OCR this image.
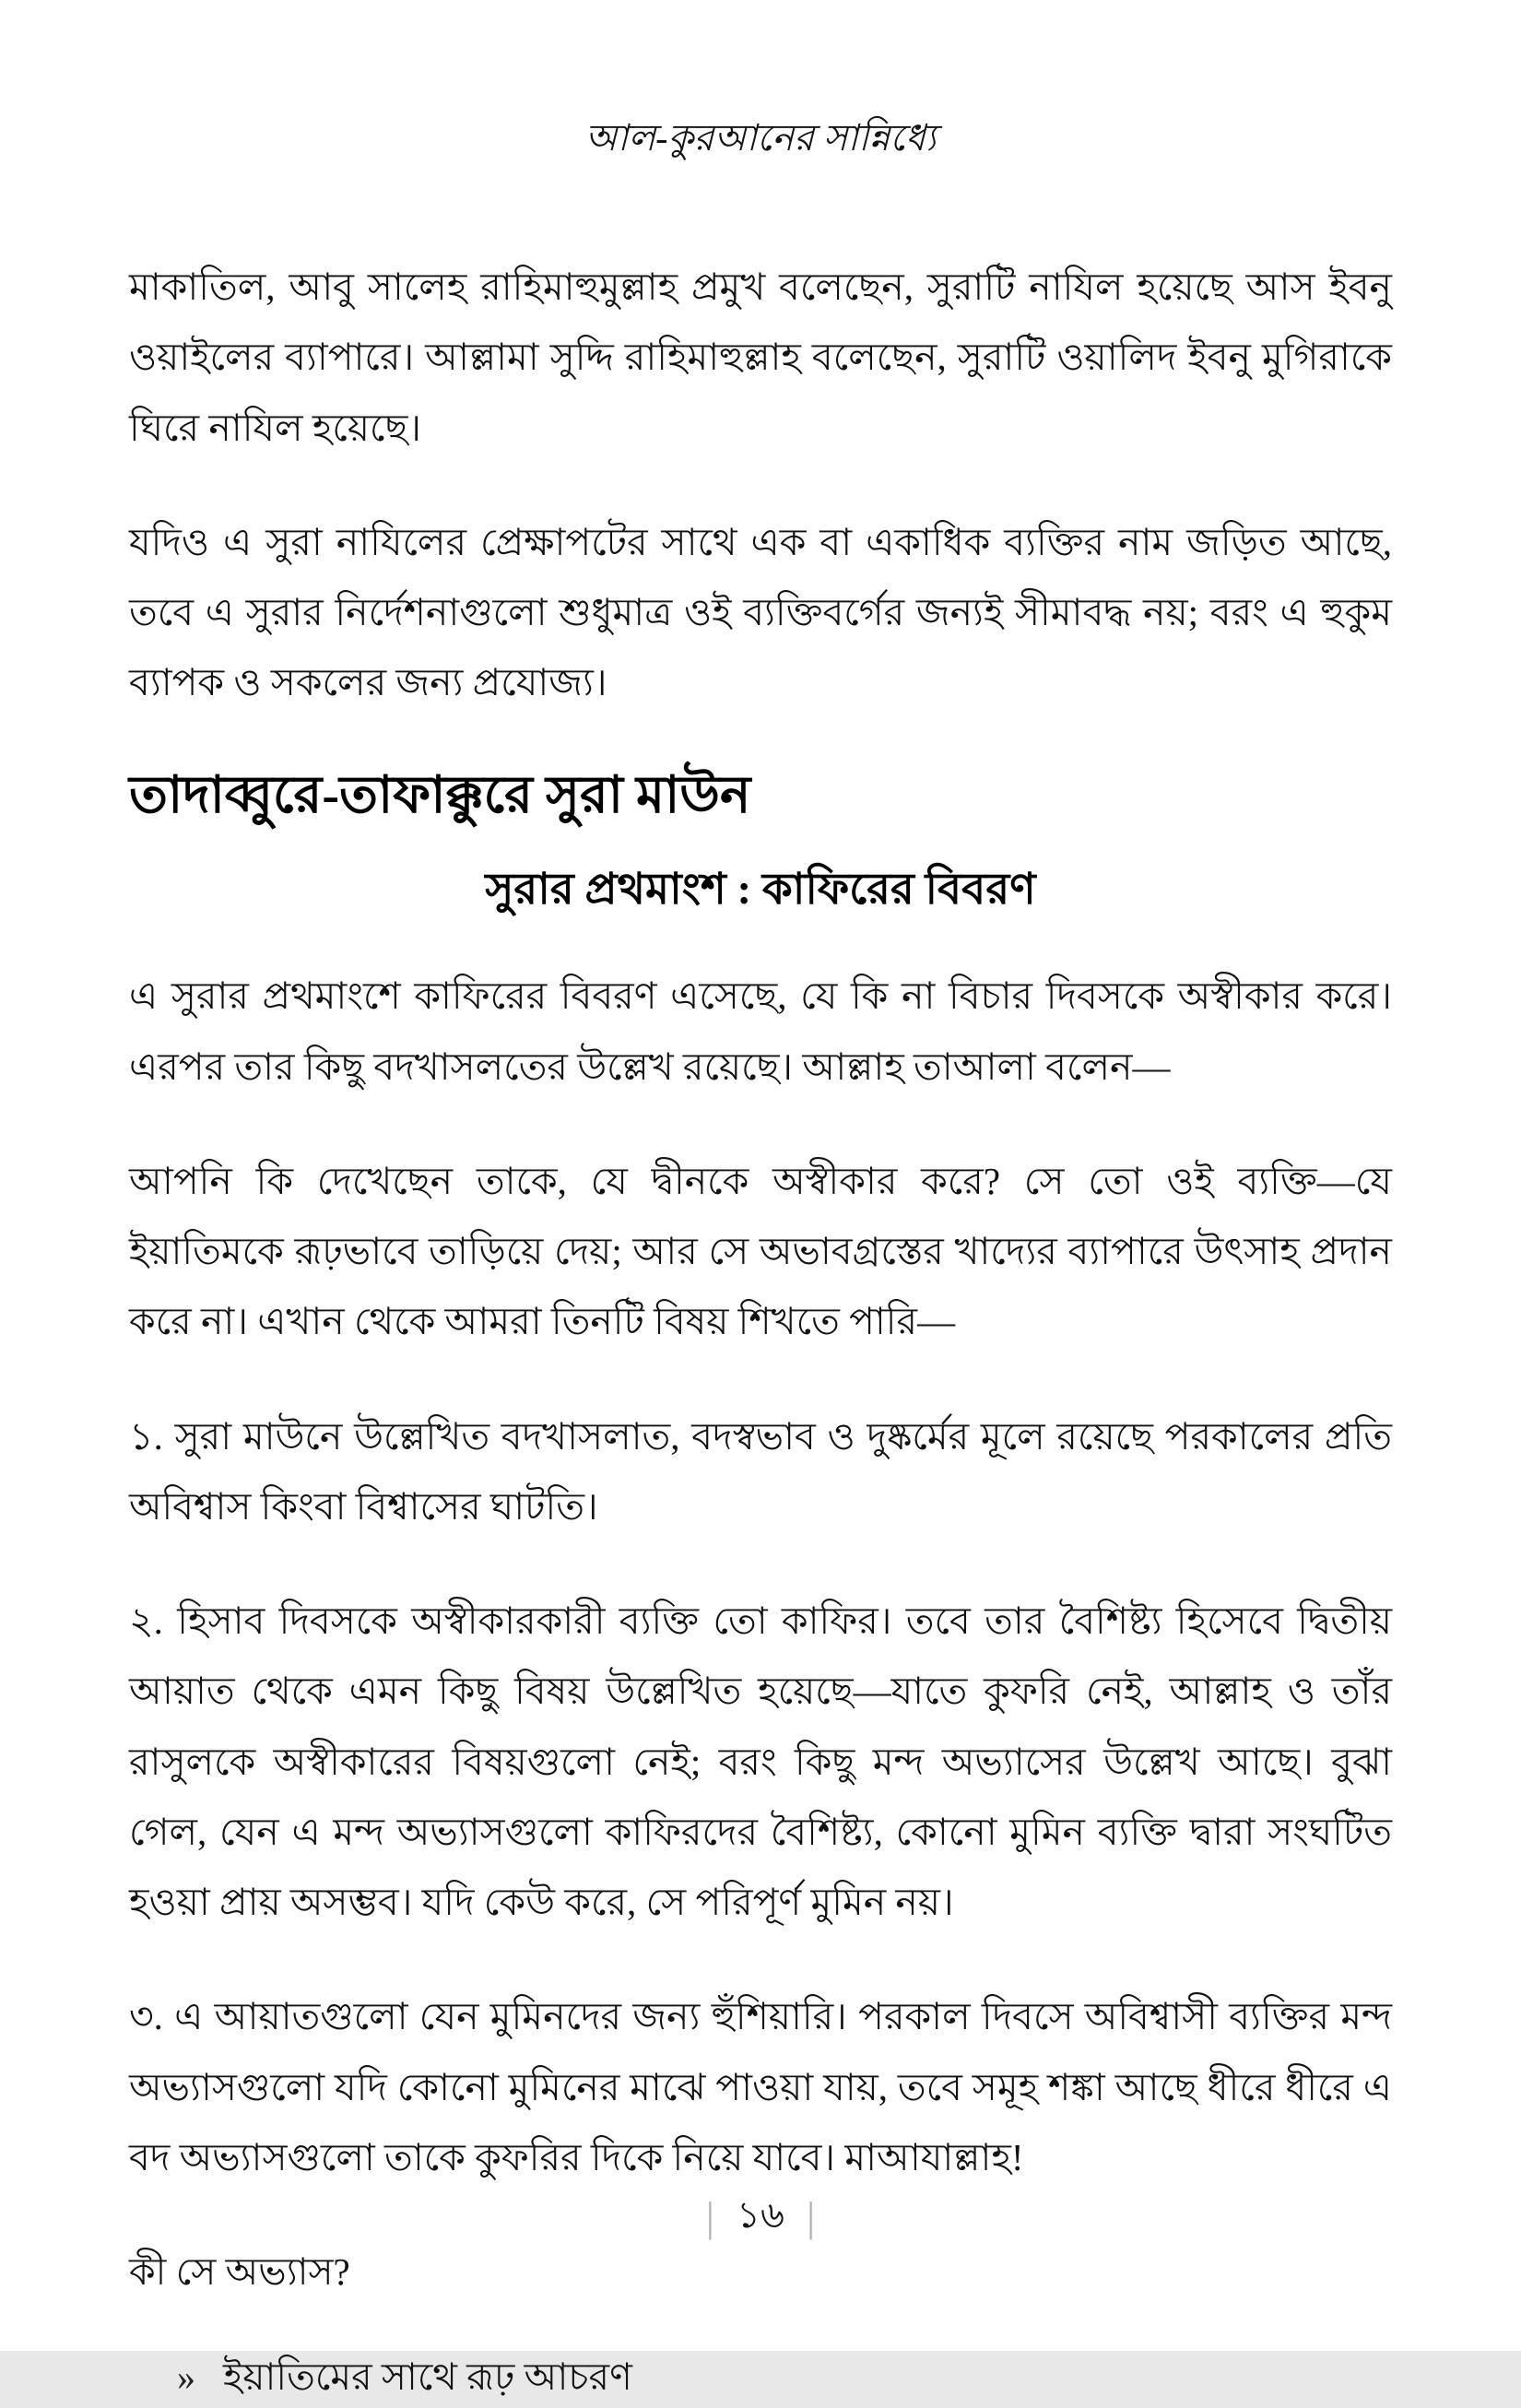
আল-কুরআনের সান্নিধ্যে

মাকাতিল, আবু সালেহ রাহিমাহুমুল্লাহ প্রমুখ বলেছেন, সুরাটি নাযিল হয়েছে আস ইবনু ওয়াইলের ব্যাপারে। আল্লামা সুদ্দি রাহিমাহুল্লাহ বলেছেন, সুরাটি ওয়ালিদ ইবনু মুগিরাকে ঘিরে নাযিল হয়েছে।

যদিও এ সুরা নাযিলের প্রেক্ষাপটের সাথে এক বা একাধিক ব্যক্তির নাম জড়িত আছে, তবে এ সুরার নির্দেশনাগুলো শুধুমাত্র ওই ব্যক্তিবর্গের জন্যই সীমাবদ্ধ নয়; বরং এ হুকুম ব্যাপক ও সকলের জন্য প্রযোজ্য।

তাদাব্বুরে-তাফাক্কুরে সুরা মাউন
সুরার প্রথমাংশ : কাফিরের বিবরণ

এ সুরার প্রথমাংশে কাফিরের বিবরণ এসেছে, যে কি না বিচার দিবসকে অস্বীকার করে। এরপর তার কিছু বদখাসলতের উল্লেখ রয়েছে। আল্লাহ তাআলা বলেন—

আপনি কি দেখেছেন তাকে, যে দ্বীনকে অস্বীকার করে? সে তো ওই ব্যক্তি—যে ইয়াতিমকে রূঢ়ভাবে তাড়িয়ে দেয়; আর সে অভাবগ্রস্তের খাদ্যের ব্যাপারে উৎসাহ প্রদান করে না। এখান থেকে আমরা তিনটি বিষয় শিখতে পারি—

১. সুরা মাউনে উল্লেখিত বদখাসলাত, বদস্বভাব ও দুষ্কর্মের মূলে রয়েছে পরকালের প্রতি অবিশ্বাস কিংবা বিশ্বাসের ঘাটতি।

২. হিসাব দিবসকে অস্বীকারকারী ব্যক্তি তো কাফির। তবে তার বৈশিষ্ট্য হিসেবে দ্বিতীয় আয়াত থেকে এমন কিছু বিষয় উল্লেখিত হয়েছে—যাতে কুফরি নেই, আল্লাহ ও তাঁর রাসুলকে অস্বীকারের বিষয়গুলো নেই; বরং কিছু মন্দ অভ্যাসের উল্লেখ আছে। বুঝা গেল, যেন এ মন্দ অভ্যাসগুলো কাফিরদের বৈশিষ্ট্য, কোনো মুমিন ব্যক্তি দ্বারা সংঘটিত হওয়া প্রায় অসম্ভব। যদি কেউ করে, সে পরিপূর্ণ মুমিন নয়।

৩. এ আয়াতগুলো যেন মুমিনদের জন্য হুঁশিয়ারি। পরকাল দিবসে অবিশ্বাসী ব্যক্তির মন্দ অভ্যাসগুলো যদি কোনো মুমিনের মাঝে পাওয়া যায়, তবে সমূহ শঙ্কা আছে ধীরে ধীরে এ বদ অভ্যাসগুলো তাকে কুফরির দিকে নিয়ে যাবে। মাআযাল্লাহ!

কী সে অভ্যাস?

» ইয়াতিমের সাথে রূঢ় আচরণ
| ১৬ |
